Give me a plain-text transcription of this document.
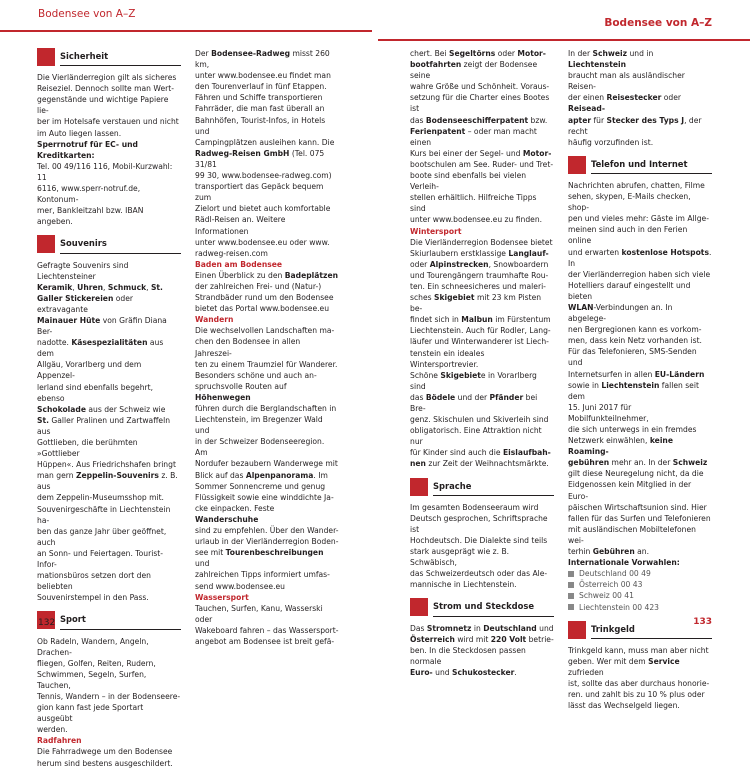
Bodensee von A–Z
Bodensee von A–Z
Sicherheit
Die Vierländerregion gilt als sicheres
Reiseziel. Dennoch sollte man Wert-
gegenstände und wichtige Papiere lie-
ber im Hotelsafe verstauen und nicht
im Auto liegen lassen.
Sperrnotruf für EC- und Kreditkarten:
Tel. 00 49/116 116, Mobil-Kurzwahl: 11
6116, www.sperr-notruf.de, Kontonum-
mer, Bankleitzahl bzw. IBAN angeben.
Souvenirs
Gefragte Souvenirs sind Liechtensteiner
Keramik, Uhren, Schmuck, St.
Galler Stickereien oder extravagante
Mainauer Hüte von Gräfin Diana Ber-
nadotte. Käsespezialitäten aus dem
Allgäu, Vorarlberg und dem Appenzel-
lerland sind ebenfalls begehrt, ebenso
Schokolade aus der Schweiz wie
St. Galler Pralinen und Zartwaffeln aus
Gottlieben, die berühmten »Gottlieber
Hüppen«. Aus Friedrichshafen bringt
man gern Zeppelin-Souvenirs z. B. aus
dem Zeppelin-Museumsshop mit.
Souvenirgeschäfte in Liechtenstein ha-
ben das ganze Jahr über geöffnet, auch
an Sonn- und Feiertagen. Tourist-Infor-
mationsbüros setzen dort den beliebten
Souvenirstempel in den Pass.
Sport
Ob Radeln, Wandern, Angeln, Drachen-
fliegen, Golfen, Reiten, Rudern,
Schwimmen, Segeln, Surfen, Tauchen,
Tennis, Wandern – in der Bodenseere-
gion kann fast jede Sportart ausgeübt
werden.

Radfahren

Die Fahrradwege um den Bodensee
herum sind bestens ausgeschildert.
Der Bodensee-Radweg misst 260 km,
unter www.bodensee.eu findet man
den Tourenverlauf in fünf Etappen.
Fähren und Schiffe transportieren
Fahrräder, die man fast überall an
Bahnhöfen, Tourist-Infos, in Hotels und
Campingplätzen ausleihen kann. Die
Radweg-Reisen GmbH (Tel. 075 31/81
99 30, www.bodensee-radweg.com)
transportiert das Gepäck bequem zum
Zielort und bietet auch komfortable
Rädl-Reisen an. Weitere Informationen
unter www.bodensee.eu oder www.
radweg-reisen.com

Baden am Bodensee

Einen Überblick zu den Badeplätzen
der zahlreichen Frei- und (Natur-)
Strandbäder rund um den Bodensee
bietet das Portal www.bodensee.eu

Wandern

Die wechselvollen Landschaften ma-
chen den Bodensee in allen Jahreszei-
ten zu einem Traumziel für Wanderer.
Besonders schöne und auch an-
spruchsvolle Routen auf Höhenwegen
führen durch die Berglandschaften in
Liechtenstein, im Bregenzer Wald und
in der Schweizer Bodenseeregion. Am
Nordufer bezaubern Wanderwege mit
Blick auf das Alpenpanorama. Im
Sommer Sonnencreme und genug
Flüssigkeit sowie eine winddichte Ja-
cke einpacken. Feste Wanderschuhe
sind zu empfehlen. Über den Wander-
urlaub in der Vierländerregion Boden-
see mit Tourenbeschreibungen und
zahlreichen Tipps informiert umfas-
send www.bodensee.eu

Wassersport

Tauchen, Surfen, Kanu, Wasserski oder
Wakeboard fahren – das Wassersport-
angebot am Bodensee ist breit gefä-
chert. Bei Segeltörns oder Motor-
bootfahrten zeigt der Bodensee seine
wahre Größe und Schönheit. Voraus-
setzung für die Charter eines Bootes ist
das Bodenseeschifferpatent bzw.
Ferienpatent – oder man macht einen
Kurs bei einer der Segel- und Motor-
bootschulen am See. Ruder- und Tret-
boote sind ebenfalls bei vielen Verleih-
stellen erhältlich. Hilfreiche Tipps sind
unter www.bodensee.eu zu finden.

Wintersport

Die Vierländerregion Bodensee bietet
Skiurlaubern erstklassige Langlauf-
oder Alpinstrecken, Snowboardern
und Tourengängern traumhafte Rou-
ten. Ein schneesicheres und maleri-
sches Skigebiet mit 23 km Pisten be-
findet sich in Malbun im Fürstentum
Liechtenstein. Auch für Rodler, Lang-
läufer und Winterwanderer ist Liech-
tenstein ein ideales Wintersportrevier.
Schöne Skigebiete in Vorarlberg sind
das Bödele und der Pfänder bei Bre-
genz. Skischulen und Skiverleih sind
obligatorisch. Eine Attraktion nicht nur
für Kinder sind auch die Eislaufbah-
nen zur Zeit der Weihnachtsmärkte.
Sprache
Im gesamten Bodenseeraum wird
Deutsch gesprochen, Schriftsprache ist
Hochdeutsch. Die Dialekte sind teils
stark ausgeprägt wie z. B. Schwäbisch,
das Schweizerdeutsch oder das Ale-
mannische in Liechtenstein.
Strom und Steckdose
Das Stromnetz in Deutschland und
Österreich wird mit 220 Volt betrie-
ben. In die Steckdosen passen normale
Euro- und Schukostecker.
In der Schweiz und in Liechtenstein
braucht man als ausländischer Reisen-
der einen Reisestecker oder Reisead-
apter für Stecker des Typs J, der recht
häufig vorzufinden ist.
Telefon und Internet
Nachrichten abrufen, chatten, Filme
sehen, skypen, E-Mails checken, shop-
pen und vieles mehr: Gäste im Allge-
meinen sind auch in den Ferien online
und erwarten kostenlose Hotspots. In
der Vierländerregion haben sich viele
Hotelliers darauf eingestellt und bieten
WLAN-Verbindungen an. In abgelege-
nen Bergregionen kann es vorkom-
men, dass kein Netz vorhanden ist.
Für das Telefonieren, SMS-Senden und
Internetsurfen in allen EU-Ländern
sowie in Liechtenstein fallen seit dem
15. Juni 2017 für Mobilfunkteilnehmer,
die sich unterwegs in ein fremdes
Netzwerk einwählen, keine Roaming-
gebühren mehr an. In der Schweiz
gilt diese Neuregelung nicht, da die
Eidgenossen kein Mitglied in der Euro-
päischen Wirtschaftsunion sind. Hier
fallen für das Surfen und Telefonieren
mit ausländischen Mobiltelefonen wei-
terhin Gebühren an.

Internationale Vorwahlen:

Deutschland 00 49
Österreich 00 43
Schweiz 00 41
Liechtenstein 00 423
Trinkgeld
Trinkgeld kann, muss man aber nicht
geben. Wer mit dem Service zufrieden
ist, sollte das aber durchaus honorie-
ren. und zahlt bis zu 10 % plus oder
lässt das Wechselgeld liegen.
132	133
